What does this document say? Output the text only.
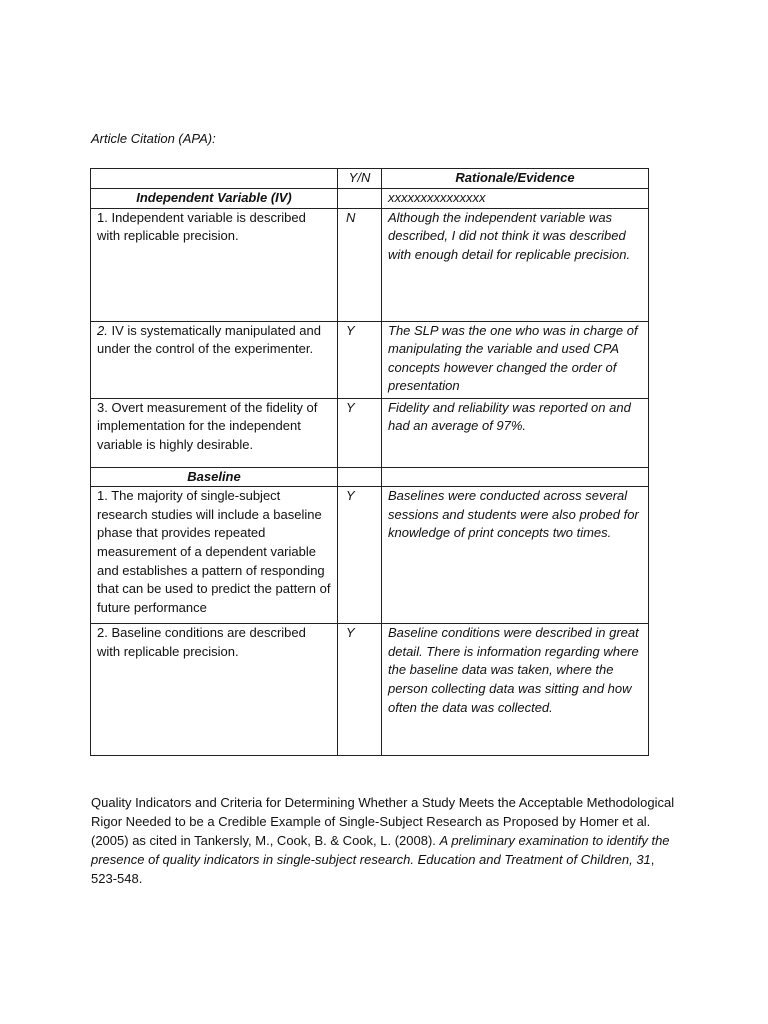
Article Citation (APA):
	Y/N	Rationale/Evidence
Independent Variable (IV)		xxxxxxxxxxxxxxx
1. Independent variable is described with replicable precision.	N	Although the independent variable was described, I did not think it was described with enough detail for replicable precision.
2. IV is systematically manipulated and under the control of the experimenter.	Y	The SLP was the one who was in charge of manipulating the variable and used CPA concepts however changed the order of presentation
3. Overt measurement of the fidelity of implementation for the independent variable is highly desirable.	Y	Fidelity and reliability was reported on and had an average of 97%.
Baseline		
1. The majority of single-subject research studies will include a baseline phase that provides repeated measurement of a dependent variable and establishes a pattern of responding that can be used to predict the pattern of future performance	Y	Baselines were conducted across several sessions and students were also probed for knowledge of print concepts two times.
2. Baseline conditions are described with replicable precision.	Y	Baseline conditions were described in great detail. There is information regarding where the baseline data was taken, where the person collecting data was sitting and how often the data was collected.
Quality Indicators and Criteria for Determining Whether a Study Meets the Acceptable Methodological Rigor Needed to be a Credible Example of Single-Subject Research as Proposed by Homer et al. (2005) as cited in Tankersly, M., Cook, B. & Cook, L. (2008). A preliminary examination to identify the presence of quality indicators in single-subject research. Education and Treatment of Children, 31, 523-548.
